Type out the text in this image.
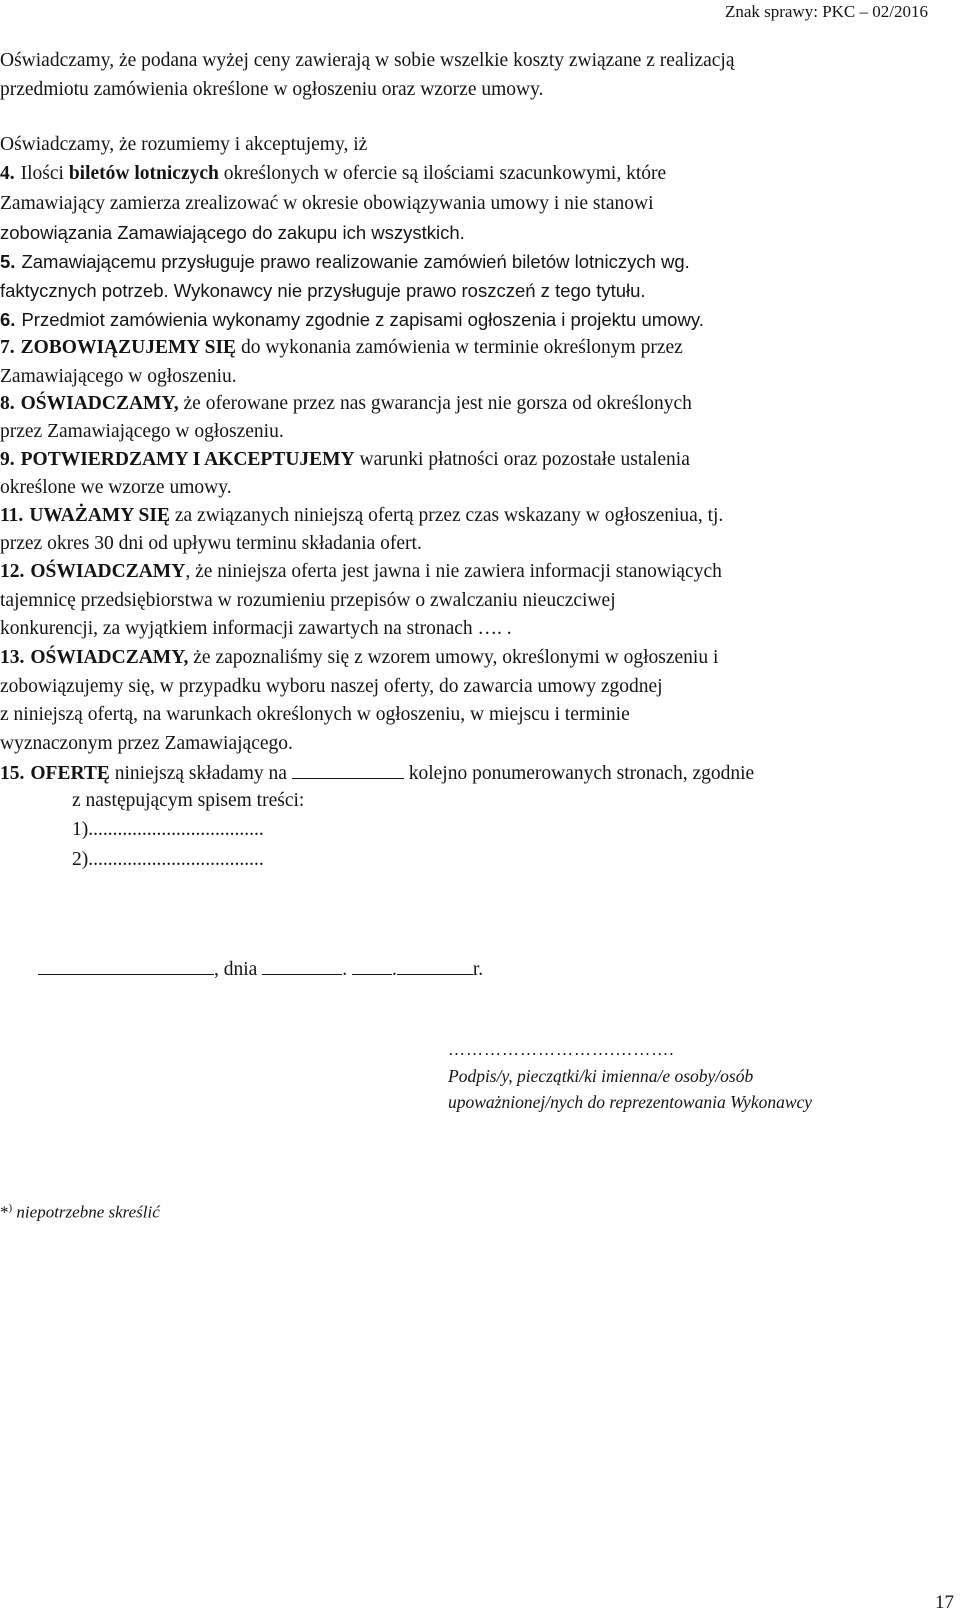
Znak sprawy: PKC – 02/2016
Oświadczamy, że podana wyżej ceny zawierają w sobie wszelkie koszty związane z realizacją
przedmiotu zamówienia określone w ogłoszeniu oraz wzorze umowy.
Oświadczamy, że rozumiemy i akceptujemy, iż
4. Ilości biletów lotniczych określonych w ofercie są ilościami szacunkowymi, które
Zamawiający zamierza zrealizować w okresie obowiązywania umowy i nie stanowi
zobowiązania Zamawiającego do zakupu ich wszystkich.
5. Zamawiającemu przysługuje prawo realizowanie zamówień biletów lotniczych wg.
faktycznych potrzeb. Wykonawcy nie przysługuje prawo roszczeń z tego tytułu.
6. Przedmiot zamówienia wykonamy zgodnie z zapisami ogłoszenia i projektu umowy.
7. ZOBOWIĄZUJEMY SIĘ do wykonania zamówienia w terminie określonym przez
Zamawiającego w ogłoszeniu.
8. OŚWIADCZAMY, że oferowane przez nas gwarancja jest nie gorsza od określonych
przez Zamawiającego w ogłoszeniu.
9. POTWIERDZAMY I AKCEPTUJEMY warunki płatności oraz pozostałe ustalenia
określone we wzorze umowy.
11. UWAŻAMY SIĘ za związanych niniejszą ofertą przez czas wskazany w ogłoszeniua, tj.
przez okres 30 dni od upływu terminu składania ofert.
12. OŚWIADCZAMY, że niniejsza oferta jest jawna i nie zawiera informacji stanowiących
tajemnicę przedsiębiorstwa w rozumieniu przepisów o zwalczaniu nieuczciwej
konkurencji, za wyjątkiem informacji zawartych na stronach …. .
13. OŚWIADCZAMY, że zapoznaliśmy się z wzorem umowy, określonymi w ogłoszeniu i
zobowiązujemy się, w przypadku wyboru naszej oferty, do zawarcia umowy zgodnej
z niniejszą ofertą, na warunkach określonych w ogłoszeniu, w miejscu i terminie
wyznaczonym przez Zamawiającego.
15. OFERTĘ niniejszą składamy na	kolejno ponumerowanych stronach, zgodnie
z następującym spisem treści:
1)....................................
2)....................................
, dnia	. .	r.
……………………….……….
Podpis/y, pieczątki/ki imienna/e osoby/osób
upoważnionej/nych do reprezentowania Wykonawcy
*) niepotrzebne skreślić
17
